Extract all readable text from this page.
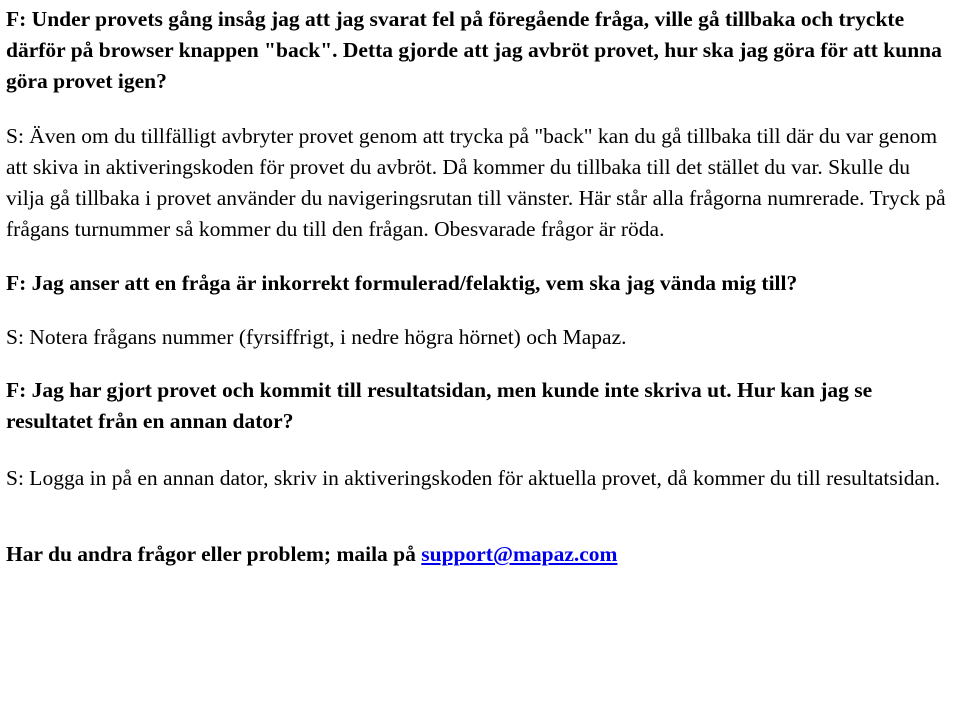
F: Under provets gång insåg jag att jag svarat fel på föregående fråga, ville gå tillbaka och tryckte därför på browser knappen "back". Detta gjorde att jag avbröt provet, hur ska jag göra för att kunna göra provet igen?

S: Även om du tillfälligt avbryter provet genom att trycka på "back" kan du gå tillbaka till där du var genom att skiva in aktiveringskoden för provet du avbröt. Då kommer du tillbaka till det stället du var. Skulle du vilja gå tillbaka i provet använder du navigeringsrutan till vänster. Här står alla frågorna numrerade. Tryck på frågans turnummer så kommer du till den frågan. Obesvarade frågor är röda.

F: Jag anser att en fråga är inkorrekt formulerad/felaktig, vem ska jag vända mig till?

S: Notera frågans nummer (fyrsiffrigt, i nedre högra hörnet) och Mapaz.

F: Jag har gjort provet och kommit till resultatsidan, men kunde inte skriva ut. Hur kan jag se resultatet från en annan dator?

S: Logga in på en annan dator, skriv in aktiveringskoden för aktuella provet, då kommer du till resultatsidan.

Har du andra frågor eller problem; maila på support@mapaz.com
